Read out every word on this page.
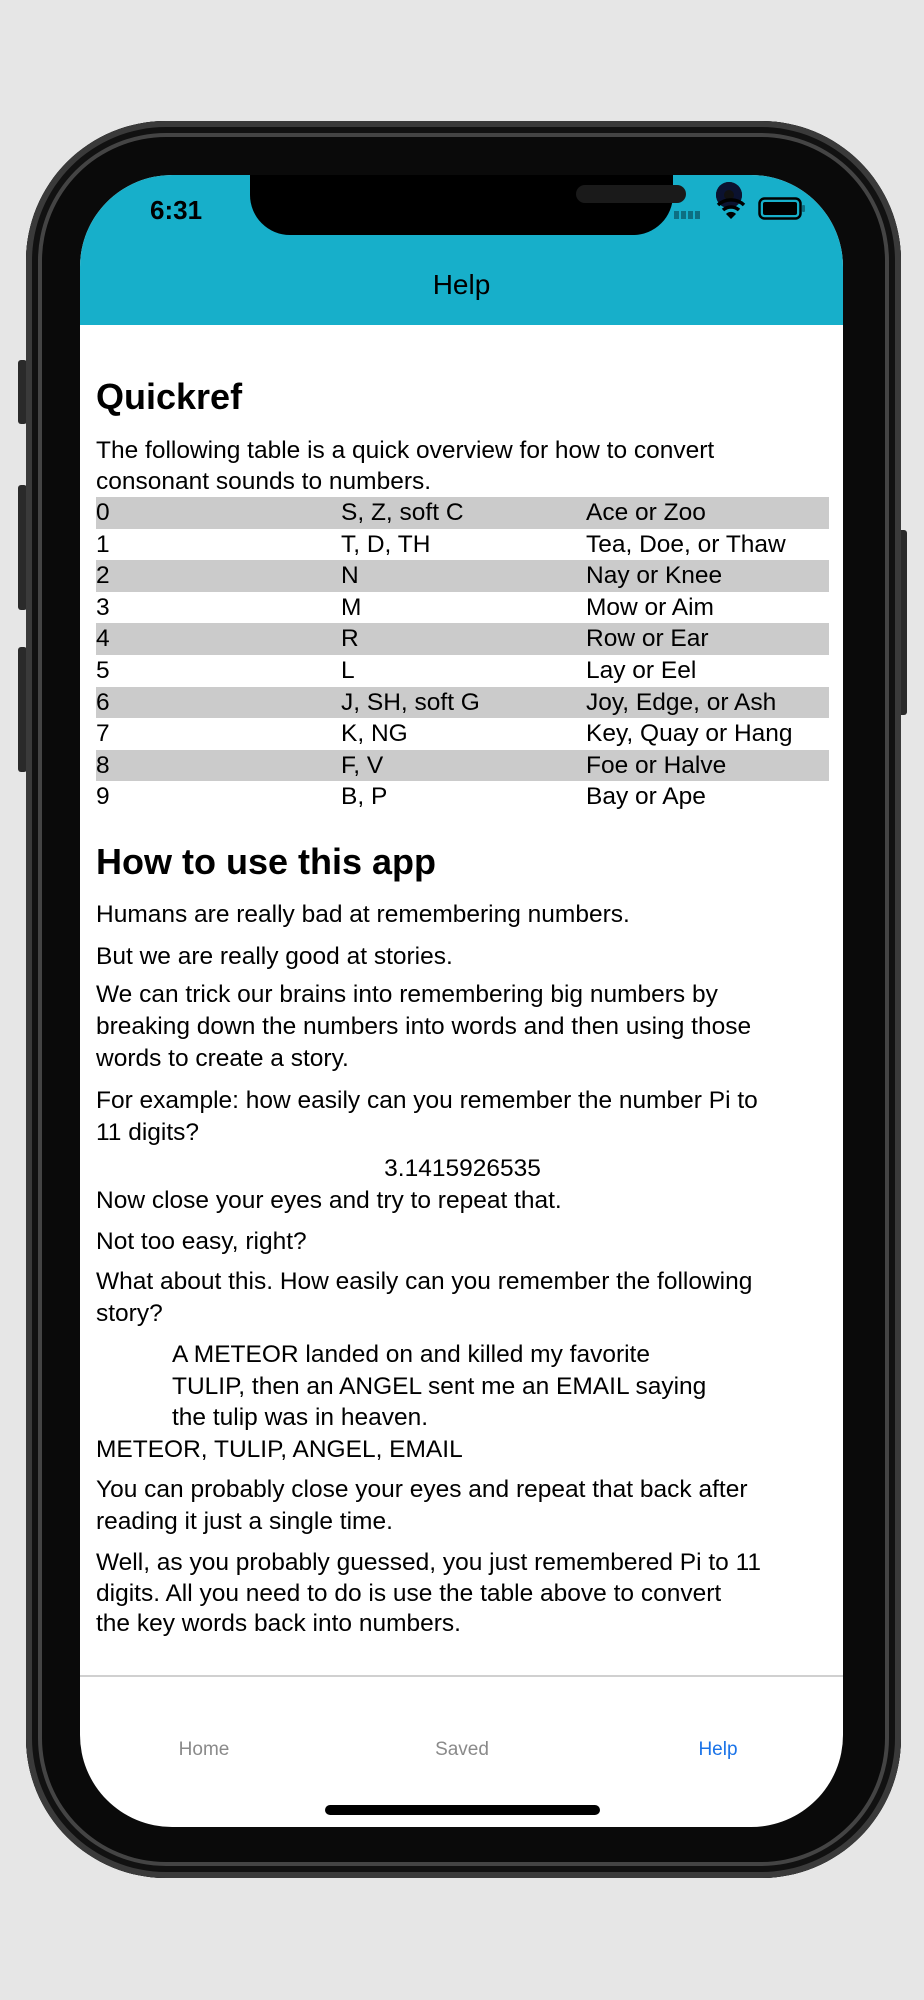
6:31
Help
Quickref
The following table is a quick overview for how to convert
consonant sounds to numbers.
0	S, Z, soft C	Ace or Zoo
1	T, D, TH	Tea, Doe, or Thaw
2	N	Nay or Knee
3	M	Mow or Aim
4	R	Row or Ear
5	L	Lay or Eel
6	J, SH, soft G	Joy, Edge, or Ash
7	K, NG	Key, Quay or Hang
8	F, V	Foe or Halve
9	B, P	Bay or Ape
How to use this app
Humans are really bad at remembering numbers.
But we are really good at stories.
We can trick our brains into remembering big numbers by
breaking down the numbers into words and then using those
words to create a story.
For example: how easily can you remember the number Pi to
11 digits?
3.1415926535
Now close your eyes and try to repeat that.
Not too easy, right?
What about this. How easily can you remember the following
story?
A METEOR landed on and killed my favorite
TULIP, then an ANGEL sent me an EMAIL saying
the tulip was in heaven.
METEOR, TULIP, ANGEL, EMAIL
You can probably close your eyes and repeat that back after
reading it just a single time.
Well, as you probably guessed, you just remembered Pi to 11
digits. All you need to do is use the table above to convert
the key words back into numbers.
Home	Saved	Help
